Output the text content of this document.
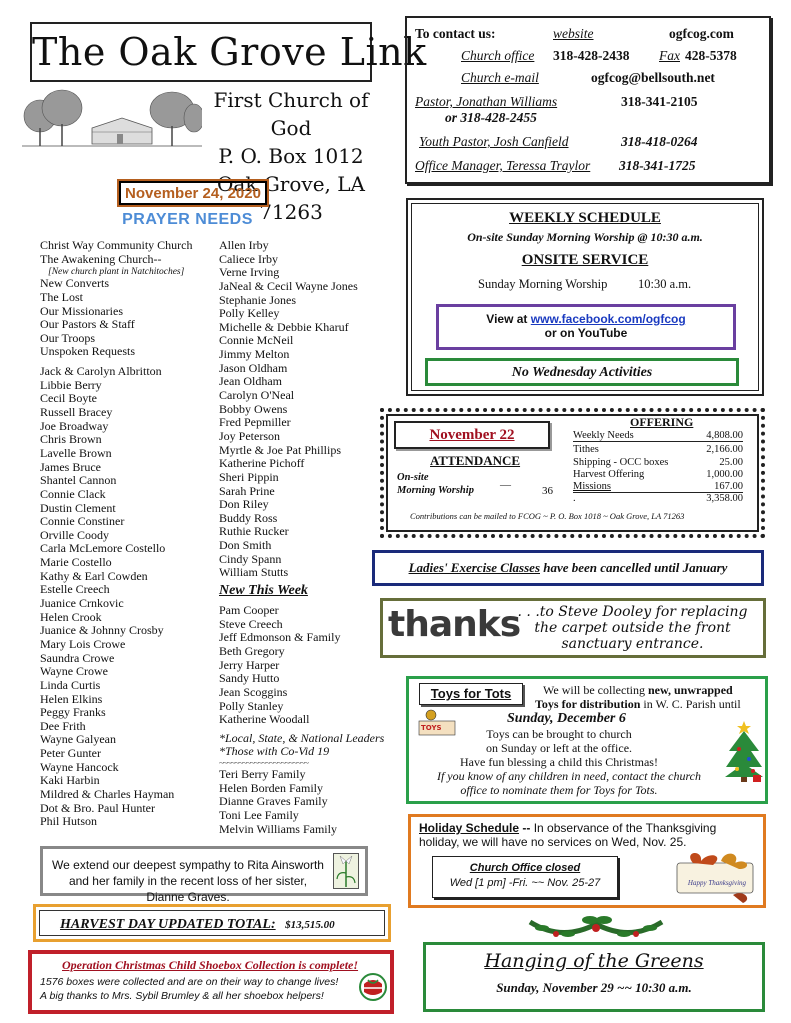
The Oak Grove Link
First Church of God
P. O. Box 1012
Oak Grove, LA 71263
To contact us:	website	ogfcog.com
Church office 318-428-2438 Fax 428-5378
Church e-mail	ogfcog@bellsouth.net
Pastor, Jonathan Williams	318-341-2105
or 318-428-2455
Youth Pastor, Josh Canfield	318-418-0264
Office Manager, Teressa Traylor 318-341-1725
November 24, 2020
PRAYER NEEDS
Christ Way Community Church
The Awakening Church--
[New church plant in Natchitoches]
New Converts
The Lost
Our Missionaries
Our Pastors & Staff
Our Troops
Unspoken Requests
Jack & Carolyn Albritton
Libbie Berry
Cecil Boyte
Russell Bracey
Joe Broadway
Chris Brown
Lavelle Brown
James Bruce
Shantel Cannon
Connie Clack
Dustin Clement
Connie Constiner
Orville Coody
Carla McLemore Costello
Marie Costello
Kathy & Earl Cowden
Estelle Creech
Juanice Crnkovic
Helen Crook
Juanice & Johnny Crosby
Mary Lois Crowe
Saundra Crowe
Wayne Crowe
Linda Curtis
Helen Elkins
Peggy Franks
Dee Frith
Wayne Galyean
Peter Gunter
Wayne Hancock
Kaki Harbin
Mildred & Charles Hayman
Dot & Bro. Paul Hunter
Phil Hutson
Allen Irby
Caliece Irby
Verne Irving
JaNeal & Cecil Wayne Jones
Stephanie Jones
Polly Kelley
Michelle & Debbie Kharuf
Connie McNeil
Jimmy Melton
Jason Oldham
Jean Oldham
Carolyn O'Neal
Bobby Owens
Fred Pepmiller
Joy Peterson
Myrtle & Joe Pat Phillips
Katherine Pichoff
Sheri Pippin
Sarah Prine
Don Riley
Buddy Ross
Ruthie Rucker
Don Smith
Cindy Spann
William Stutts
New This Week
Pam Cooper
Steve Creech
Jeff Edmonson & Family
Beth Gregory
Jerry Harper
Sandy Hutto
Jean Scoggins
Polly Stanley
Katherine Woodall
*Local, State, & National Leaders
*Those with Co-Vid 19
~~~~~~~~~~~~~~~~~~~~~~~
Teri Berry Family
Helen Borden Family
Dianne Graves Family
Toni Lee Family
Melvin Williams Family
WEEKLY SCHEDULE
On-site Sunday Morning Worship @ 10:30 a.m.
ONSITE SERVICE
Sunday Morning Worship 10:30 a.m.
View at www.facebook.com/ogfcog
or on YouTube
No Wednesday Activities
November 22
ATTENDANCE
On-site
Morning Worship —	36
OFFERING
Weekly Needs	4,808.00
Tithes	2,166.00
Shipping - OCC boxes	25.00
Harvest Offering	1,000.00
Missions	167.00
.	3,358.00
Contributions can be mailed to FCOG ~ P. O. Box 1018 ~ Oak Grove, LA 71263
Ladies' Exercise Classes have been cancelled until January
thanks
. . .to Steve Dooley for replacing the carpet outside the front sanctuary entrance.
Toys for Tots	We will be collecting new, unwrapped
Toys for distribution in W. C. Parish until
Sunday, December 6
Toys can be brought to church
on Sunday or left at the office.
Have fun blessing a child this Christmas!
If you know of any children in need, contact the church
office to nominate them for Toys for Tots.
TOYS
Holiday Schedule -- In observance of the Thanksgiving holiday, we will have no services on Wed, Nov. 25.
Happy Thanksgiving
Church Office closed
Wed [1 pm] -Fri. ~~ Nov. 25-27
Hanging of the Greens
Sunday, November 29 ~~ 10:30 a.m.
We extend our deepest sympathy to Rita Ainsworth and her family in the recent loss of her sister, Dianne Graves.
HARVEST DAY UPDATED TOTAL: $13,515.00
Operation Christmas Child Shoebox Collection is complete!
1576 boxes were collected and are on their way to change lives!
A big thanks to Mrs. Sybil Brumley & all her shoebox helpers!
